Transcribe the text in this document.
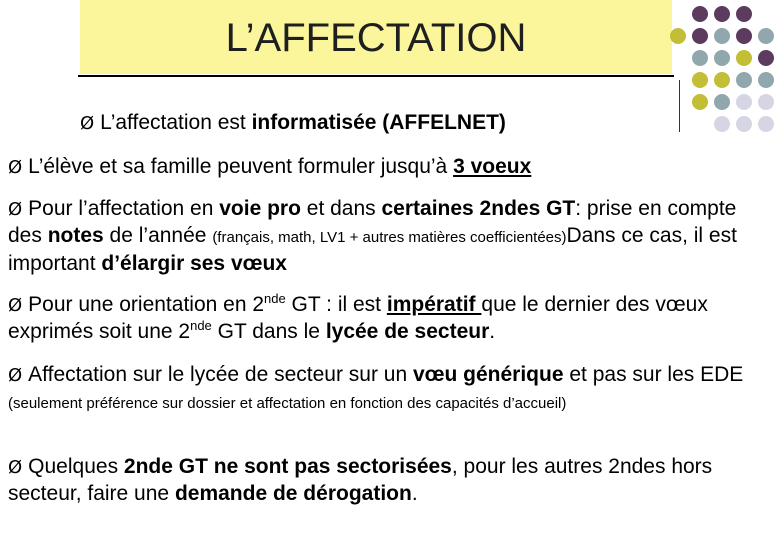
L’AFFECTATION
Ø L’affectation est informatisée (AFFELNET)
Ø L’élève et sa famille peuvent formuler jusqu’à 3 voeux
Ø Pour l’affectation en voie pro et dans certaines 2ndes GT: prise en compte des notes de l’année (français, math, LV1 + autres matières coefficientées)Dans ce cas, il est important d’élargir ses vœux
Ø Pour une orientation en 2nde GT : il est impératif que le dernier des vœux exprimés soit une 2nde GT dans le lycée de secteur.
Ø Affectation sur le lycée de secteur sur un vœu générique et pas sur les EDE (seulement préférence sur dossier et affectation en fonction des capacités d’accueil)
Ø Quelques 2nde GT ne sont pas sectorisées, pour les autres 2ndes hors secteur, faire une demande de dérogation.
